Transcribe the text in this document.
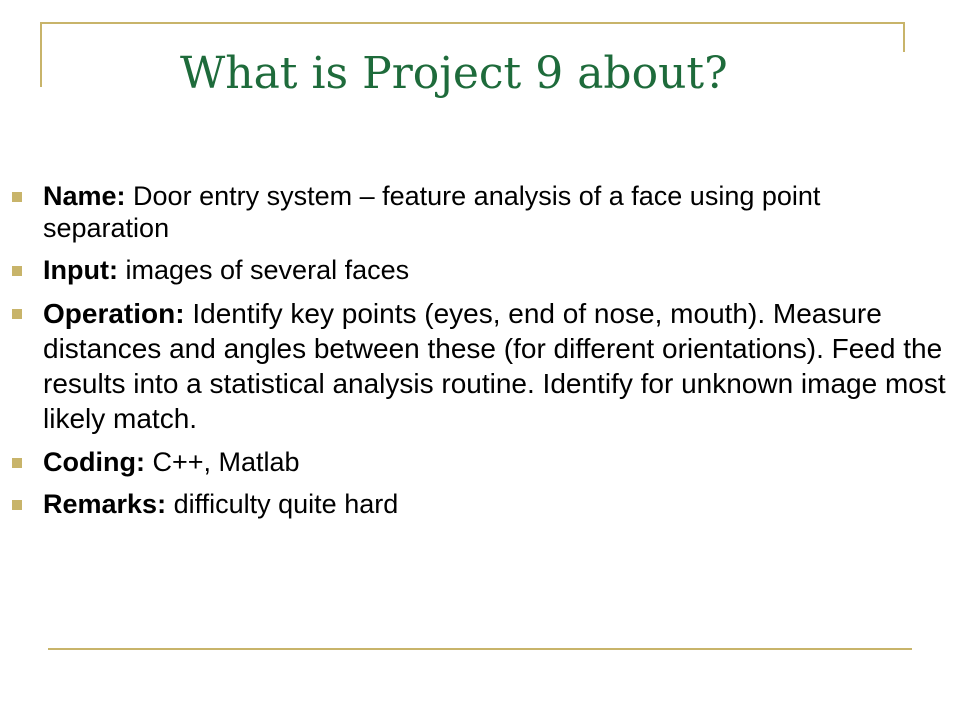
What is Project 9 about?
Name: Door entry system – feature analysis of a face using point separation
Input: images of several faces
Operation: Identify key points (eyes, end of nose, mouth). Measure distances and angles between these (for different orientations). Feed the results into a statistical analysis routine. Identify for unknown image most likely match.
Coding: C++, Matlab
Remarks: difficulty quite hard
